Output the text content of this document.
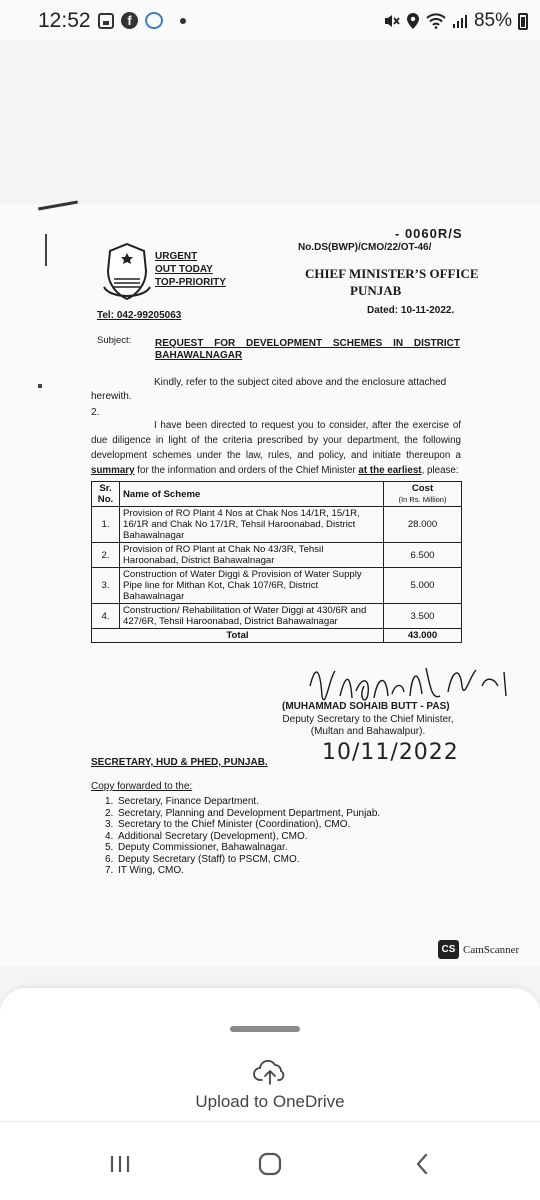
12:52	f	85%
URGENT
OUT TODAY
TOP-PRIORITY
- 0060R/S
No.DS(BWP)/CMO/22/OT-46/
CHIEF MINISTER’S OFFICE
PUNJAB
Dated: 10-11-2022.
Tel: 042-99205063
Subject: REQUEST FOR DEVELOPMENT SCHEMES IN DISTRICT BAHAWALNAGAR
Kindly, refer to the subject cited above and the enclosure attached herewith.
2.
I have been directed to request you to consider, after the exercise of due diligence in light of the criteria prescribed by your department, the following development schemes under the law, rules, and policy, and initiate thereupon a summary for the information and orders of the Chief Minister at the earliest, please:
Sr. No.	Name of Scheme	Cost
(In Rs. Million)

1.	Provision of RO Plant 4 Nos at Chak Nos 14/1R, 15/1R, 16/1R and Chak No 17/1R, Tehsil Haroonabad, District Bahawalnagar	28.000
2.	Provision of RO Plant at Chak No 43/3R, Tehsil Haroonabad, District Bahawalnagar	6.500
3.	Construction of Water Diggi & Provision of Water Supply Pipe line for Mithan Kot, Chak 107/6R, District Bahawalnagar	5.000
4.	Construction/ Rehabilitation of Water Diggi at 430/6R and 427/6R, Tehsil Haroonabad, District Bahawalnagar	3.500
Total		43.000
(MUHAMMAD SOHAIB BUTT - PAS)
Deputy Secretary to the Chief Minister,
(Multan and Bahawalpur).
10/11/2022
SECRETARY, HUD & PHED, PUNJAB.
Copy forwarded to the:
1. Secretary, Finance Department.
2. Secretary, Planning and Development Department, Punjab.
3. Secretary to the Chief Minister (Coordination), CMO.
4. Additional Secretary (Development), CMO.
5. Deputy Commissioner, Bahawalnagar.
6. Deputy Secretary (Staff) to PSCM, CMO.
7. IT Wing, CMO.
CS CamScanner
Upload to OneDrive
